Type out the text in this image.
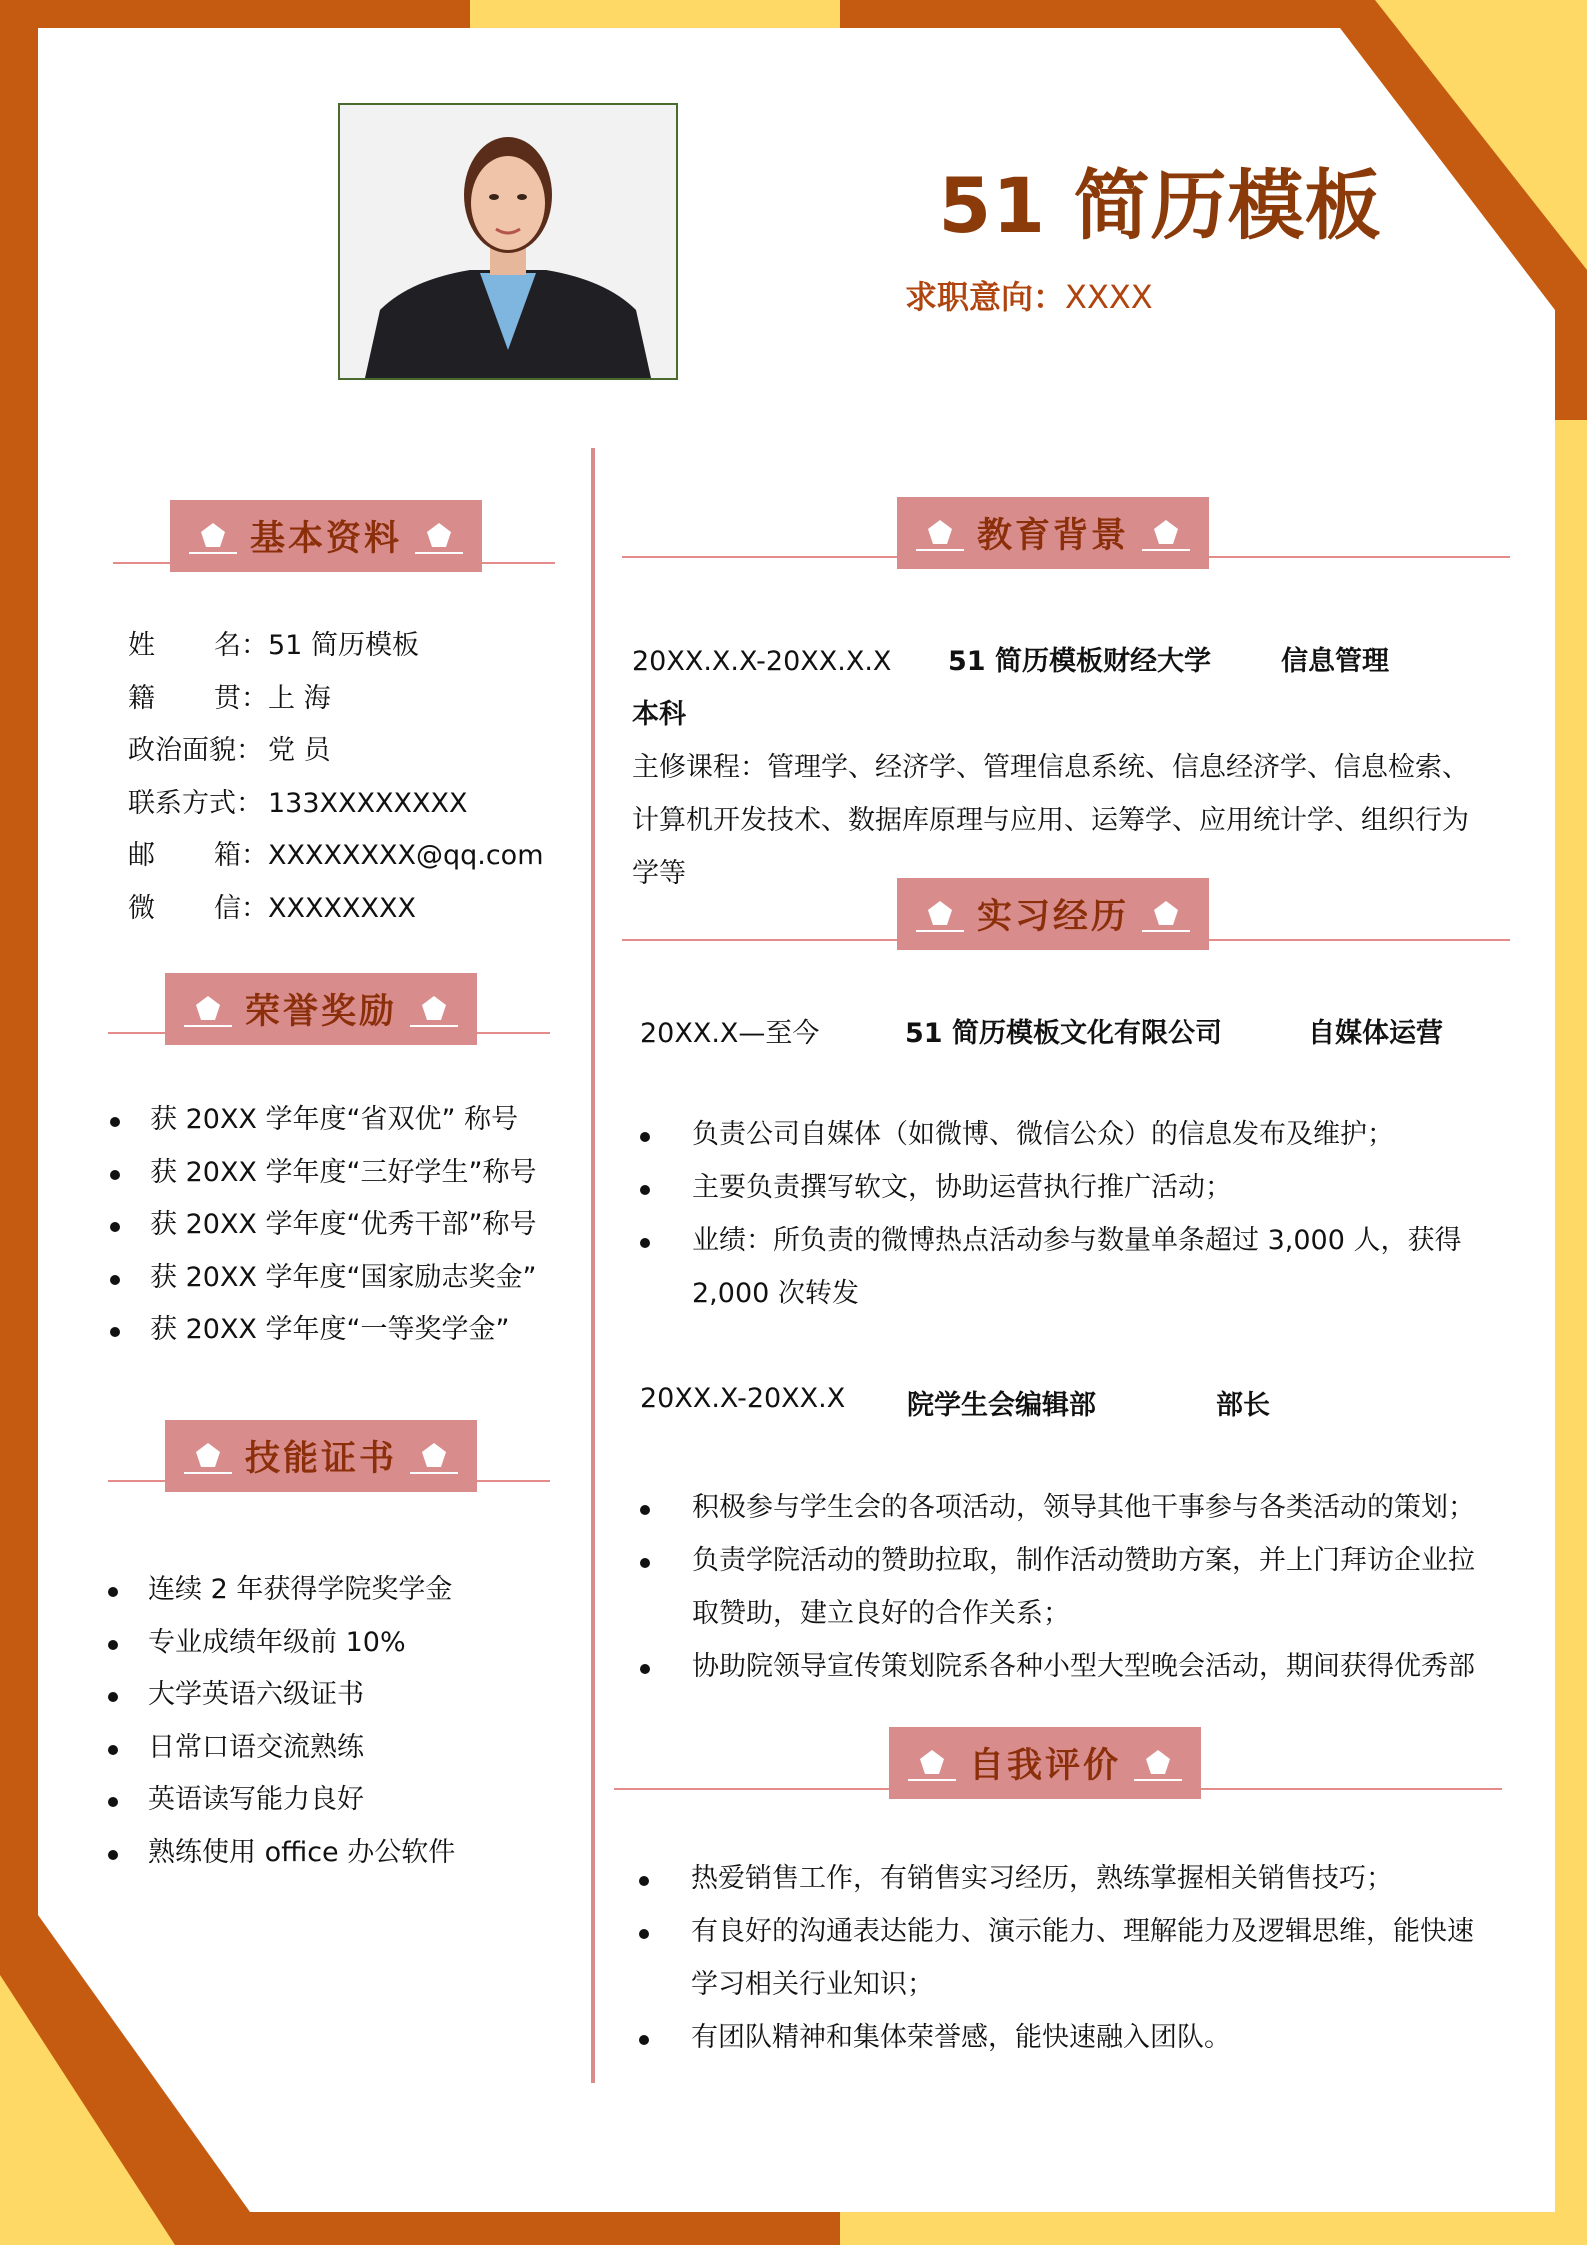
51 简历模板
求职意向：XXXX
基本资料
姓 名： 51 简历模板
籍 贯： 上 海
政治面貌： 党 员
联系方式： 133XXXXXXXX
邮 箱： XXXXXXXX@qq.com
微 信： XXXXXXXX
荣誉奖励
获 20XX 学年度“省双优” 称号
获 20XX 学年度“三好学生”称号
获 20XX 学年度“优秀干部”称号
获 20XX 学年度“国家励志奖金”
获 20XX 学年度“一等奖学金”
技能证书
连续 2 年获得学院奖学金
专业成绩年级前 10%
大学英语六级证书
日常口语交流熟练
英语读写能力良好
熟练使用 office 办公软件
教育背景
20XX.X.X-20XX.X.X	51 简历模板财经大学	信息管理
本科
主修课程：管理学、经济学、管理信息系统、信息经济学、信息检索、计算机开发技术、数据库原理与应用、运筹学、应用统计学、组织行为学等
实习经历
20XX.X—至今	51 简历模板文化有限公司	自媒体运营
负责公司自媒体（如微博、微信公众）的信息发布及维护；
主要负责撰写软文，协助运营执行推广活动；
业绩：所负责的微博热点活动参与数量单条超过 3,000 人，获得 2,000 次转发
20XX.X-20XX.X	院学生会编辑部	部长
积极参与学生会的各项活动，领导其他干事参与各类活动的策划；
负责学院活动的赞助拉取，制作活动赞助方案，并上门拜访企业拉取赞助，建立良好的合作关系；
协助院领导宣传策划院系各种小型大型晚会活动，期间获得优秀部
自我评价
热爱销售工作，有销售实习经历，熟练掌握相关销售技巧；
有良好的沟通表达能力、演示能力、理解能力及逻辑思维，能快速学习相关行业知识；
有团队精神和集体荣誉感，能快速融入团队。
